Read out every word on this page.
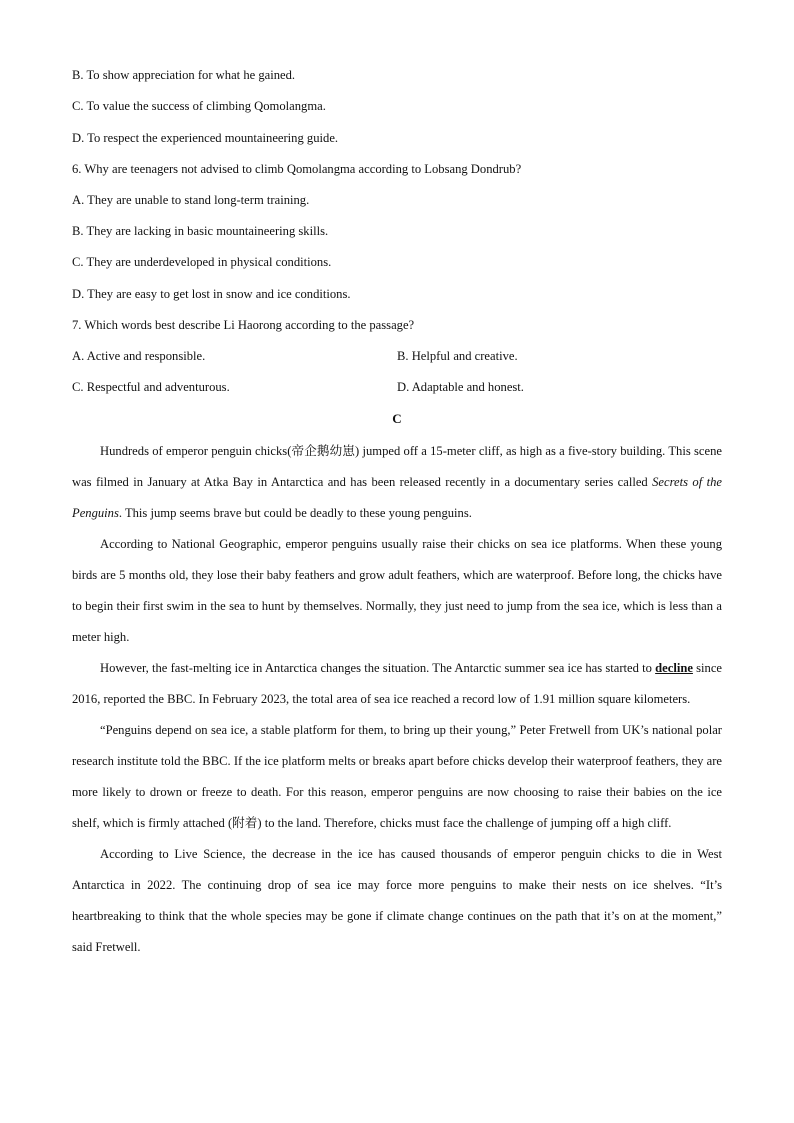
B. To show appreciation for what he gained.
C. To value the success of climbing Qomolangma.
D. To respect the experienced mountaineering guide.
6. Why are teenagers not advised to climb Qomolangma according to Lobsang Dondrub?
A. They are unable to stand long-term training.
B. They are lacking in basic mountaineering skills.
C. They are underdeveloped in physical conditions.
D. They are easy to get lost in snow and ice conditions.
7. Which words best describe Li Haorong according to the passage?
A. Active and responsible.	B. Helpful and creative.
C. Respectful and adventurous.	D. Adaptable and honest.
C

Hundreds of emperor penguin chicks(帝企鹅幼崽) jumped off a 15-meter cliff, as high as a five-story building. This scene was filmed in January at Atka Bay in Antarctica and has been released recently in a documentary series called Secrets of the Penguins. This jump seems brave but could be deadly to these young penguins.

According to National Geographic, emperor penguins usually raise their chicks on sea ice platforms. When these young birds are 5 months old, they lose their baby feathers and grow adult feathers, which are waterproof. Before long, the chicks have to begin their first swim in the sea to hunt by themselves. Normally, they just need to jump from the sea ice, which is less than a meter high.

However, the fast-melting ice in Antarctica changes the situation. The Antarctic summer sea ice has started to decline since 2016, reported the BBC. In February 2023, the total area of sea ice reached a record low of 1.91 million square kilometers.

“Penguins depend on sea ice, a stable platform for them, to bring up their young,” Peter Fretwell from UK’s national polar research institute told the BBC. If the ice platform melts or breaks apart before chicks develop their waterproof feathers, they are more likely to drown or freeze to death. For this reason, emperor penguins are now choosing to raise their babies on the ice shelf, which is firmly attached (附着) to the land. Therefore, chicks must face the challenge of jumping off a high cliff.

According to Live Science, the decrease in the ice has caused thousands of emperor penguin chicks to die in West Antarctica in 2022. The continuing drop of sea ice may force more penguins to make their nests on ice shelves. “It’s heartbreaking to think that the whole species may be gone if climate change continues on the path that it’s on at the moment,” said Fretwell.
